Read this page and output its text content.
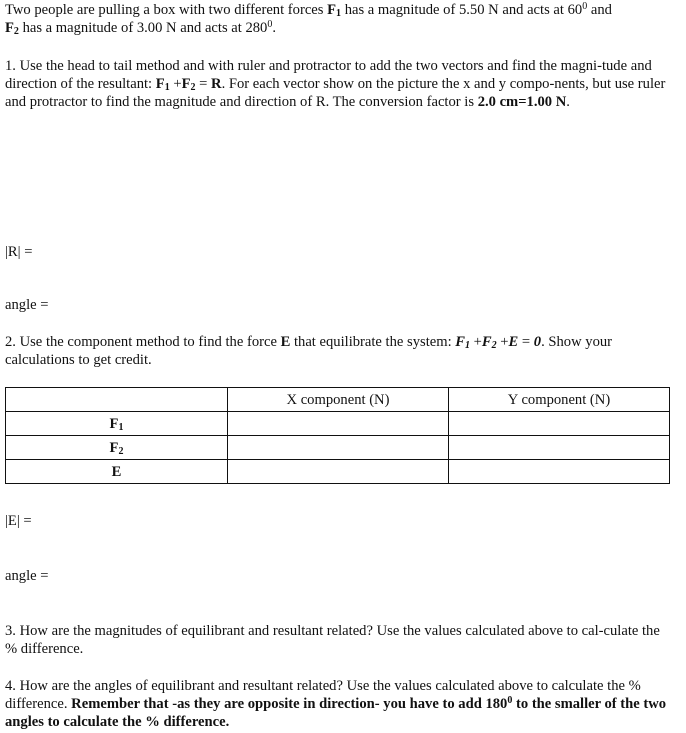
Two people are pulling a box with two different forces $F_1$ has a magnitude of 5.50 N and acts at $60^0$ and
$F_2$ has a magnitude of 3.00 N and acts at $280^0$.
1. Use the head to tail method and with ruler and protractor to add the two vectors and find the magni-tude and direction of the resultant: $F_1 +F_2 = R$. For each vector show on the picture the x and y compo-nents, but use ruler and protractor to find the magnitude and direction of R. The conversion factor is 2.0 cm=1.00 N.
|R| =
angle =
2. Use the component method to find the force E that equilibrate the system: $F_1 +F_2 +E = 0$. Show your calculations to get credit.
	X component (N)	Y component (N)
$F_1$		
$F_2$		
E		
|E| =
angle =
3. How are the magnitudes of equilibrant and resultant related? Use the values calculated above to cal-culate the % difference.
4. How are the angles of equilibrant and resultant related? Use the values calculated above to calculate the % difference. Remember that -as they are opposite in direction- you have to add $180^0$ to the smaller of the two angles to calculate the % difference.
